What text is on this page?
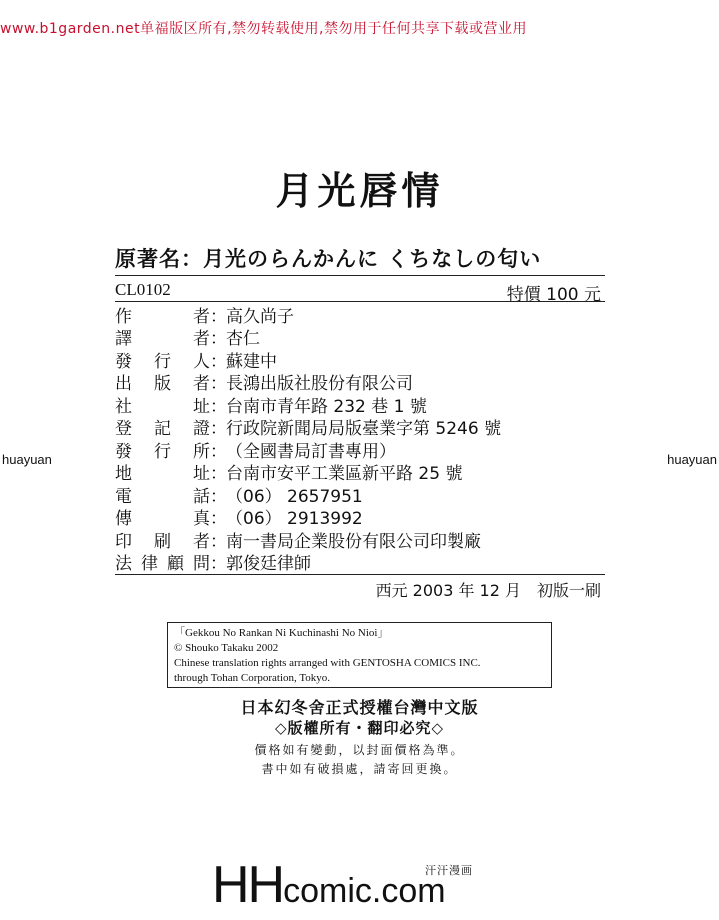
www.b1garden.net单福版区所有,禁勿转载使用,禁勿用于任何共享下载或营业用
月光唇情
原著名：月光のらんかんに くちなしの匂い
CL0102	特價 100 元
作	者 ： 高久尚子
譯	者 ： 杏仁
發 行 人 ： 蘇建中
出 版 者 ： 長鴻出版社股份有限公司
社	址 ： 台南市青年路 232 巷 1 號
登 記 證 ： 行政院新聞局局版臺業字第 5246 號
發 行 所 ： （全國書局訂書專用）
地	址 ： 台南市安平工業區新平路 25 號
電	話 ： （06） 2657951
傳	真 ： （06） 2913992
印 刷 者 ： 南一書局企業股份有限公司印製廠
法 律 顧 問 ： 郭俊廷律師
huayuan	huayuan
西元 2003 年 12 月　初版一刷
「Gekkou No Rankan Ni Kuchinashi No Nioi」
© Shouko Takaku 2002
Chinese translation rights arranged with GENTOSHA COMICS INC.
through Tohan Corporation, Tokyo.
日本幻冬舍正式授權台灣中文版
◇版權所有・翻印必究◇
價格如有變動，以封面價格為準。
書中如有破損處，請寄回更換。
HHcomic.com
汗汗漫画
